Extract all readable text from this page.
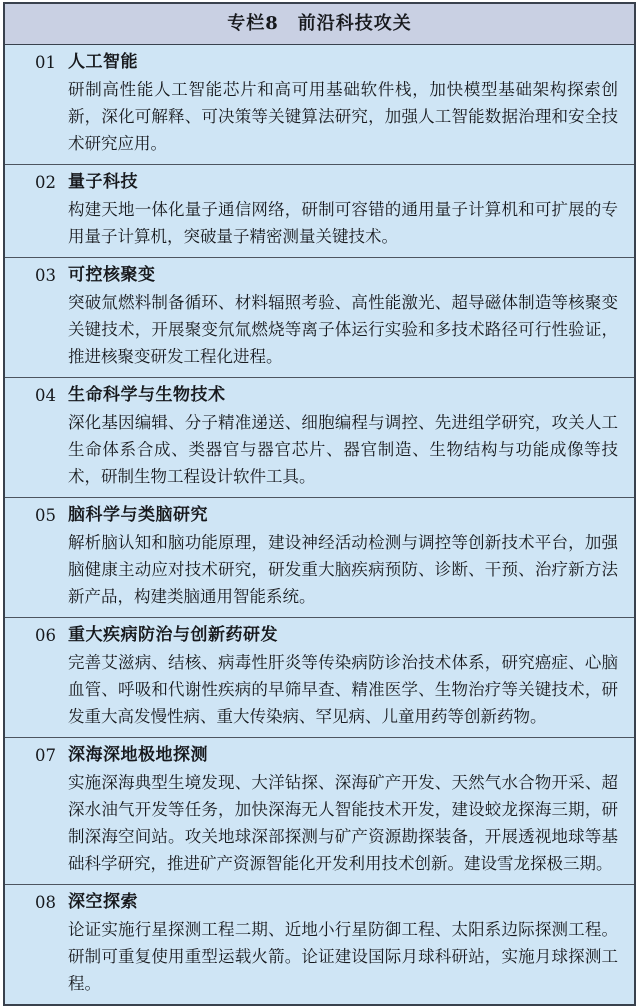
专栏8　前沿科技攻关
01 人工智能
研制高性能人工智能芯片和高可用基础软件栈，加快模型基础架构探索创新，深化可解释、可决策等关键算法研究，加强人工智能数据治理和安全技术研究应用。
02 量子科技
构建天地一体化量子通信网络，研制可容错的通用量子计算机和可扩展的专用量子计算机，突破量子精密测量关键技术。
03 可控核聚变
突破氚燃料制备循环、材料辐照考验、高性能激光、超导磁体制造等核聚变关键技术，开展聚变氘氚燃烧等离子体运行实验和多技术路径可行性验证，推进核聚变研发工程化进程。
04 生命科学与生物技术
深化基因编辑、分子精准递送、细胞编程与调控、先进组学研究，攻关人工生命体系合成、类器官与器官芯片、器官制造、生物结构与功能成像等技术，研制生物工程设计软件工具。
05 脑科学与类脑研究
解析脑认知和脑功能原理，建设神经活动检测与调控等创新技术平台，加强脑健康主动应对技术研究，研发重大脑疾病预防、诊断、干预、治疗新方法新产品，构建类脑通用智能系统。
06 重大疾病防治与创新药研发
完善艾滋病、结核、病毒性肝炎等传染病防诊治技术体系，研究癌症、心脑血管、呼吸和代谢性疾病的早筛早查、精准医学、生物治疗等关键技术，研发重大高发慢性病、重大传染病、罕见病、儿童用药等创新药物。
07 深海深地极地探测
实施深海典型生境发现、大洋钻探、深海矿产开发、天然气水合物开采、超深水油气开发等任务，加快深海无人智能技术开发，建设蛟龙探海三期，研制深海空间站。攻关地球深部探测与矿产资源勘探装备，开展透视地球等基础科学研究，推进矿产资源智能化开发利用技术创新。建设雪龙探极三期。
08 深空探索
论证实施行星探测工程二期、近地小行星防御工程、太阳系边际探测工程。研制可重复使用重型运载火箭。论证建设国际月球科研站，实施月球探测工程。
